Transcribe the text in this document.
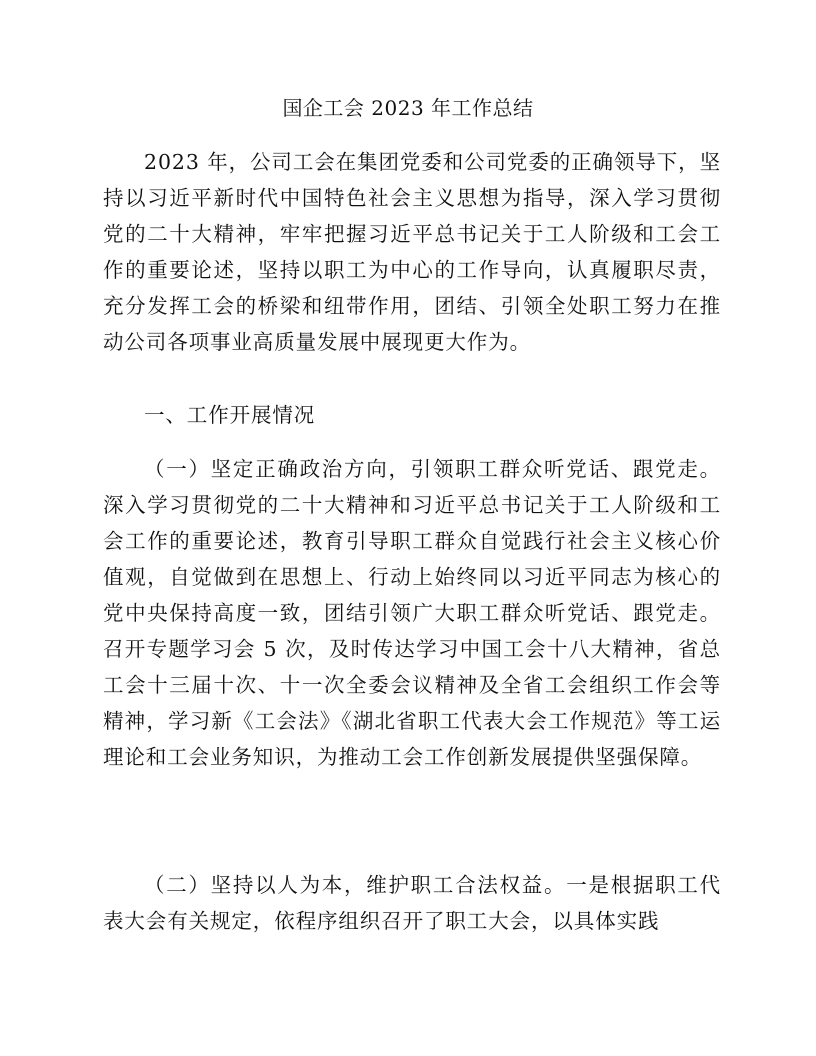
国企工会 2023 年工作总结

2023 年，公司工会在集团党委和公司党委的正确领导下，坚持以习近平新时代中国特色社会主义思想为指导，深入学习贯彻党的二十大精神，牢牢把握习近平总书记关于工人阶级和工会工作的重要论述，坚持以职工为中心的工作导向，认真履职尽责，充分发挥工会的桥梁和纽带作用，团结、引领全处职工努力在推动公司各项事业高质量发展中展现更大作为。

一、工作开展情况

（一）坚定正确政治方向，引领职工群众听党话、跟党走。深入学习贯彻党的二十大精神和习近平总书记关于工人阶级和工会工作的重要论述，教育引导职工群众自觉践行社会主义核心价值观，自觉做到在思想上、行动上始终同以习近平同志为核心的党中央保持高度一致，团结引领广大职工群众听党话、跟党走。召开专题学习会 5 次，及时传达学习中国工会十八大精神，省总工会十三届十次、十一次全委会议精神及全省工会组织工作会等精神，学习新《工会法》《湖北省职工代表大会工作规范》等工运理论和工会业务知识，为推动工会工作创新发展提供坚强保障。

（二）坚持以人为本，维护职工合法权益。一是根据职工代表大会有关规定，依程序组织召开了职工大会，以具体实践
